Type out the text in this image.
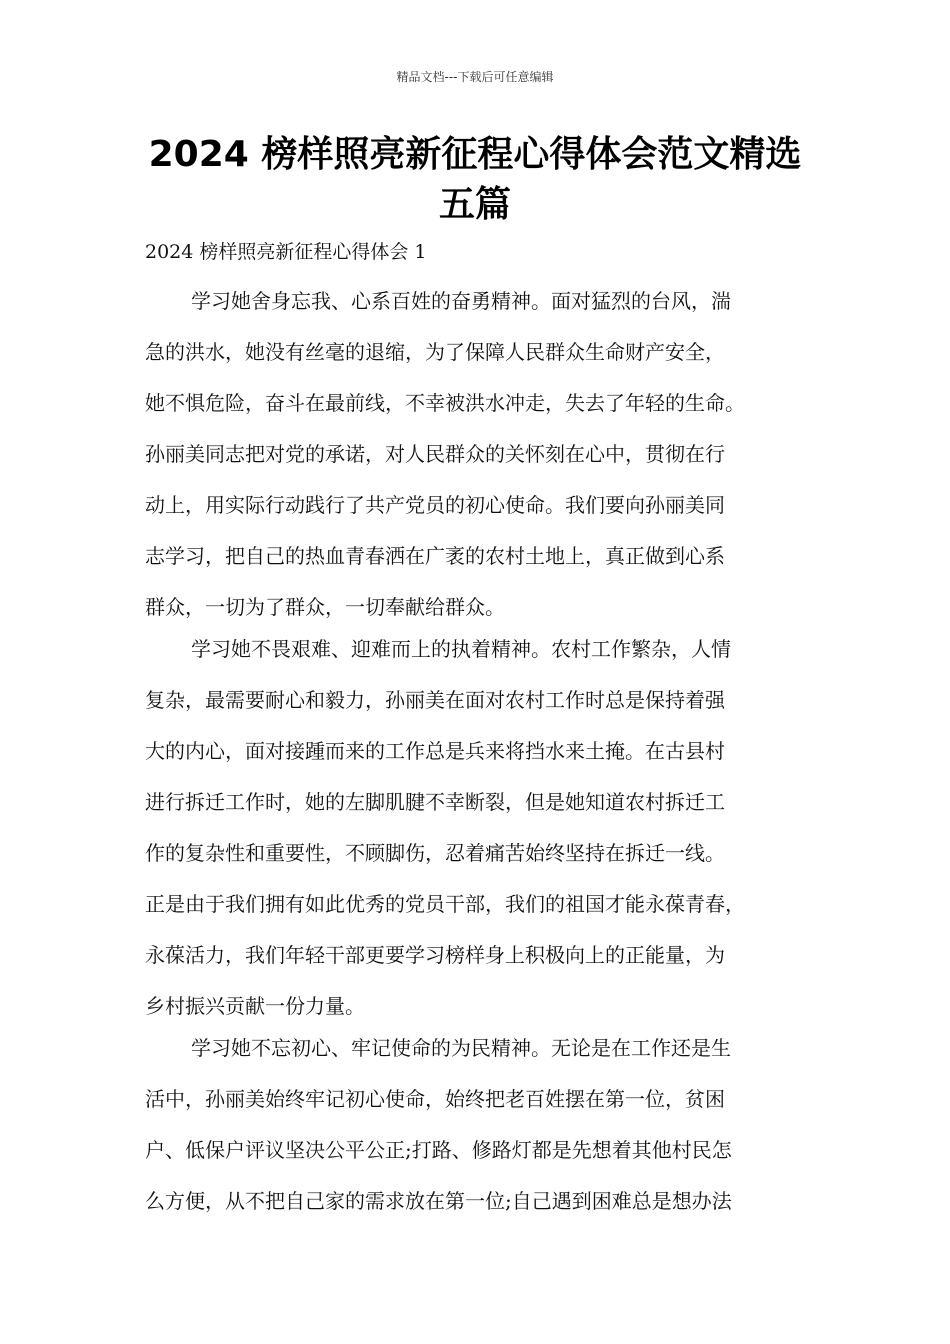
精品文档---下载后可任意编辑
2024 榜样照亮新征程心得体会范文精选
五篇

2024 榜样照亮新征程心得体会 1

学习她舍身忘我、心系百姓的奋勇精神。面对猛烈的台风，湍
急的洪水，她没有丝毫的退缩，为了保障人民群众生命财产安全，
她不惧危险，奋斗在最前线，不幸被洪水冲走，失去了年轻的生命。
孙丽美同志把对党的承诺，对人民群众的关怀刻在心中，贯彻在行
动上，用实际行动践行了共产党员的初心使命。我们要向孙丽美同
志学习，把自己的热血青春洒在广袤的农村土地上，真正做到心系
群众，一切为了群众，一切奉献给群众。
学习她不畏艰难、迎难而上的执着精神。农村工作繁杂，人情
复杂，最需要耐心和毅力，孙丽美在面对农村工作时总是保持着强
大的内心，面对接踵而来的工作总是兵来将挡水来土掩。在古县村
进行拆迁工作时，她的左脚肌腱不幸断裂，但是她知道农村拆迁工
作的复杂性和重要性，不顾脚伤，忍着痛苦始终坚持在拆迁一线。
正是由于我们拥有如此优秀的党员干部，我们的祖国才能永葆青春，
永葆活力，我们年轻干部更要学习榜样身上积极向上的正能量，为
乡村振兴贡献一份力量。
学习她不忘初心、牢记使命的为民精神。无论是在工作还是生
活中，孙丽美始终牢记初心使命，始终把老百姓摆在第一位，贫困
户、低保户评议坚决公平公正;打路、修路灯都是先想着其他村民怎
么方便，从不把自己家的需求放在第一位;自己遇到困难总是想办法
